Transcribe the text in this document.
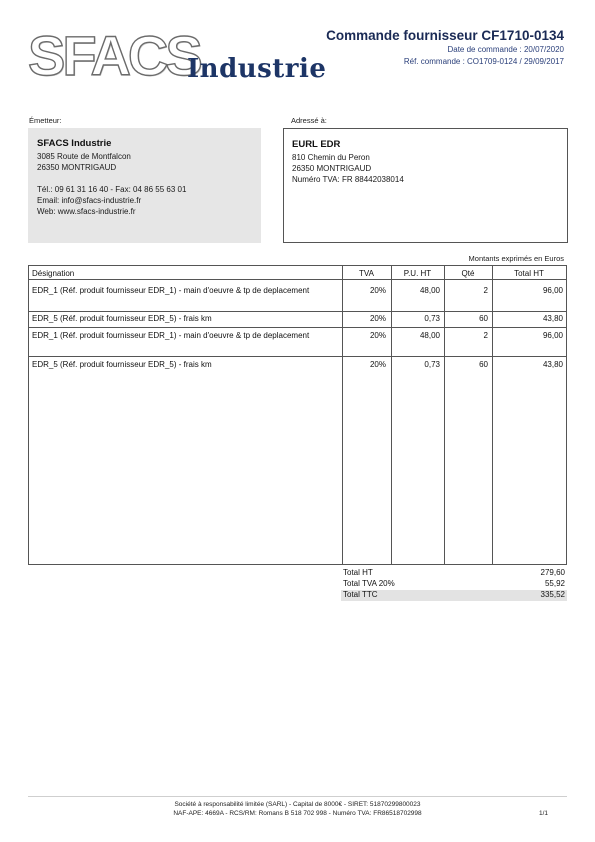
SFACS
Industrie
Commande fournisseur CF1710-0134
Date de commande : 20/07/2020
Réf. commande : CO1709-0124 / 29/09/2017
Émetteur:
SFACS Industrie
3085 Route de Montfalcon
26350 MONTRIGAUD
Tél.: 09 61 31 16 40 - Fax: 04 86 55 63 01
Email: info@sfacs-industrie.fr
Web: www.sfacs-industrie.fr
Adressé à:
EURL EDR
810 Chemin du Peron
26350 MONTRIGAUD
Numéro TVA: FR 88442038014
Montants exprimés en Euros
Désignation	TVA	P.U. HT	Qté	Total HT
EDR_1 (Réf. produit fournisseur EDR_1) - main d'oeuvre & tp de deplacement	20%	48,00	2	96,00
EDR_5 (Réf. produit fournisseur EDR_5) - frais km	20%	0,73	60	43,80
EDR_1 (Réf. produit fournisseur EDR_1) - main d'oeuvre & tp de deplacement	20%	48,00	2	96,00
EDR_5 (Réf. produit fournisseur EDR_5) - frais km	20%	0,73	60	43,80
Total HT	279,60
Total TVA 20%	55,92
Total TTC	335,52
Société à responsabilité limitée (SARL) - Capital de 8000€ - SIRET: 51870299800023
NAF-APE: 4669A - RCS/RM: Romans B 518 702 998 - Numéro TVA: FR86518702998	1/1
